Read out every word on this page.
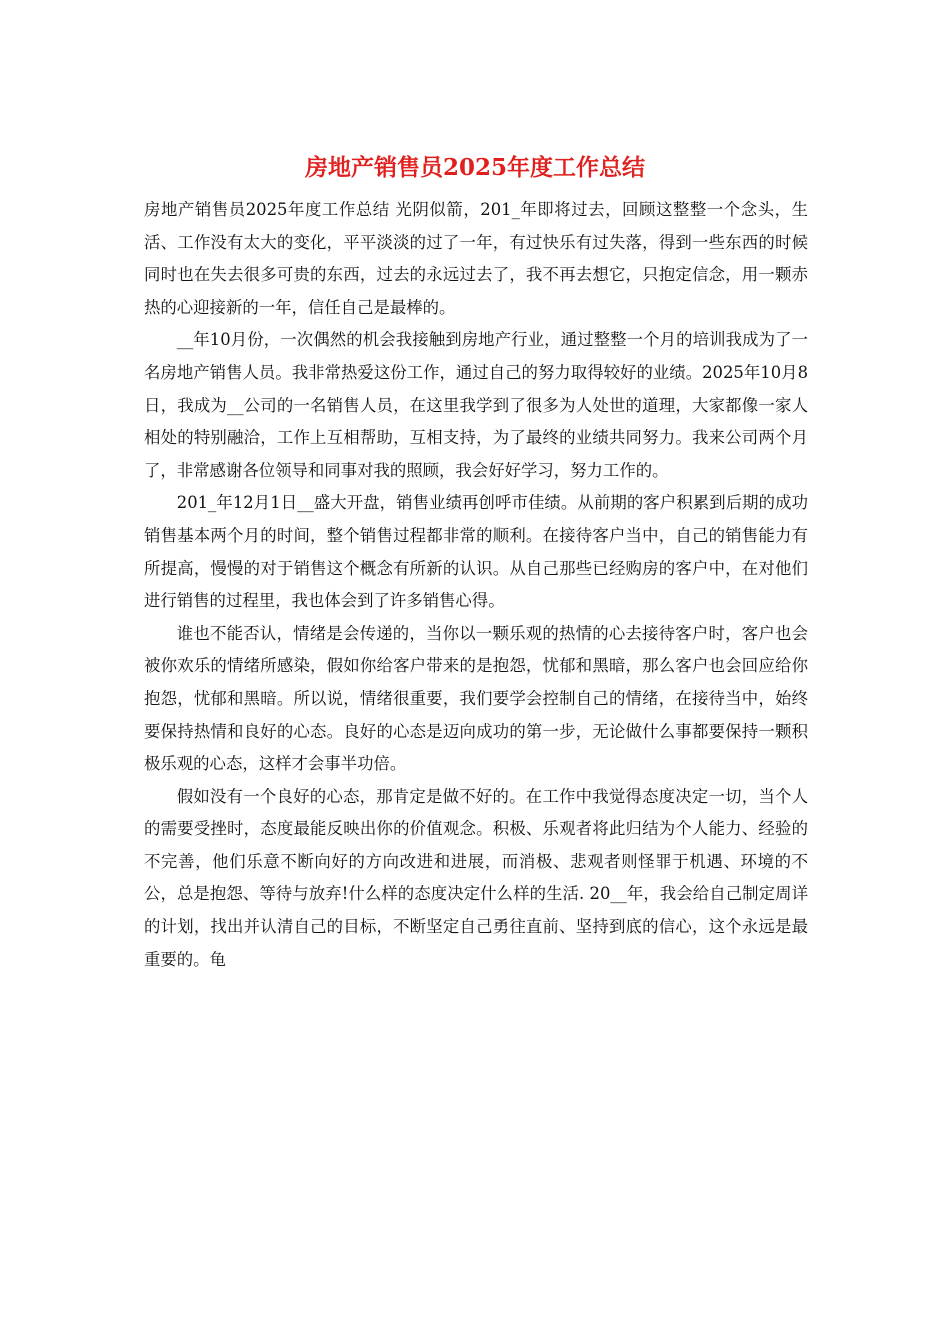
房地产销售员2025年度工作总结

房地产销售员2025年度工作总结 光阴似箭，201_年即将过去，回顾这整整一个念头，生活、工作没有太大的变化，平平淡淡的过了一年，有过快乐有过失落，得到一些东西的时候同时也在失去很多可贵的东西，过去的永远过去了，我不再去想它，只抱定信念，用一颗赤热的心迎接新的一年，信任自己是最棒的。

__年10月份，一次偶然的机会我接触到房地产行业，通过整整一个月的培训我成为了一名房地产销售人员。我非常热爱这份工作，通过自己的努力取得较好的业绩。2025年10月8日，我成为__公司的一名销售人员，在这里我学到了很多为人处世的道理，大家都像一家人相处的特别融洽，工作上互相帮助，互相支持，为了最终的业绩共同努力。我来公司两个月了，非常感谢各位领导和同事对我的照顾，我会好好学习，努力工作的。

201_年12月1日__盛大开盘，销售业绩再创呼市佳绩。从前期的客户积累到后期的成功销售基本两个月的时间，整个销售过程都非常的顺利。在接待客户当中，自己的销售能力有所提高，慢慢的对于销售这个概念有所新的认识。从自己那些已经购房的客户中，在对他们进行销售的过程里，我也体会到了许多销售心得。

谁也不能否认，情绪是会传递的，当你以一颗乐观的热情的心去接待客户时，客户也会被你欢乐的情绪所感染，假如你给客户带来的是抱怨，忧郁和黑暗，那么客户也会回应给你抱怨，忧郁和黑暗。所以说，情绪很重要，我们要学会控制自己的情绪，在接待当中，始终要保持热情和良好的心态。良好的心态是迈向成功的第一步，无论做什么事都要保持一颗积极乐观的心态，这样才会事半功倍。

假如没有一个良好的心态，那肯定是做不好的。在工作中我觉得态度决定一切，当个人的需要受挫时，态度最能反映出你的价值观念。积极、乐观者将此归结为个人能力、经验的不完善，他们乐意不断向好的方向改进和进展，而消极、悲观者则怪罪于机遇、环境的不公，总是抱怨、等待与放弃!什么样的态度决定什么样的生活. 20__年，我会给自己制定周详的计划，找出并认清自己的目标，不断坚定自己勇往直前、坚持到底的信心，这个永远是最重要的。龟
